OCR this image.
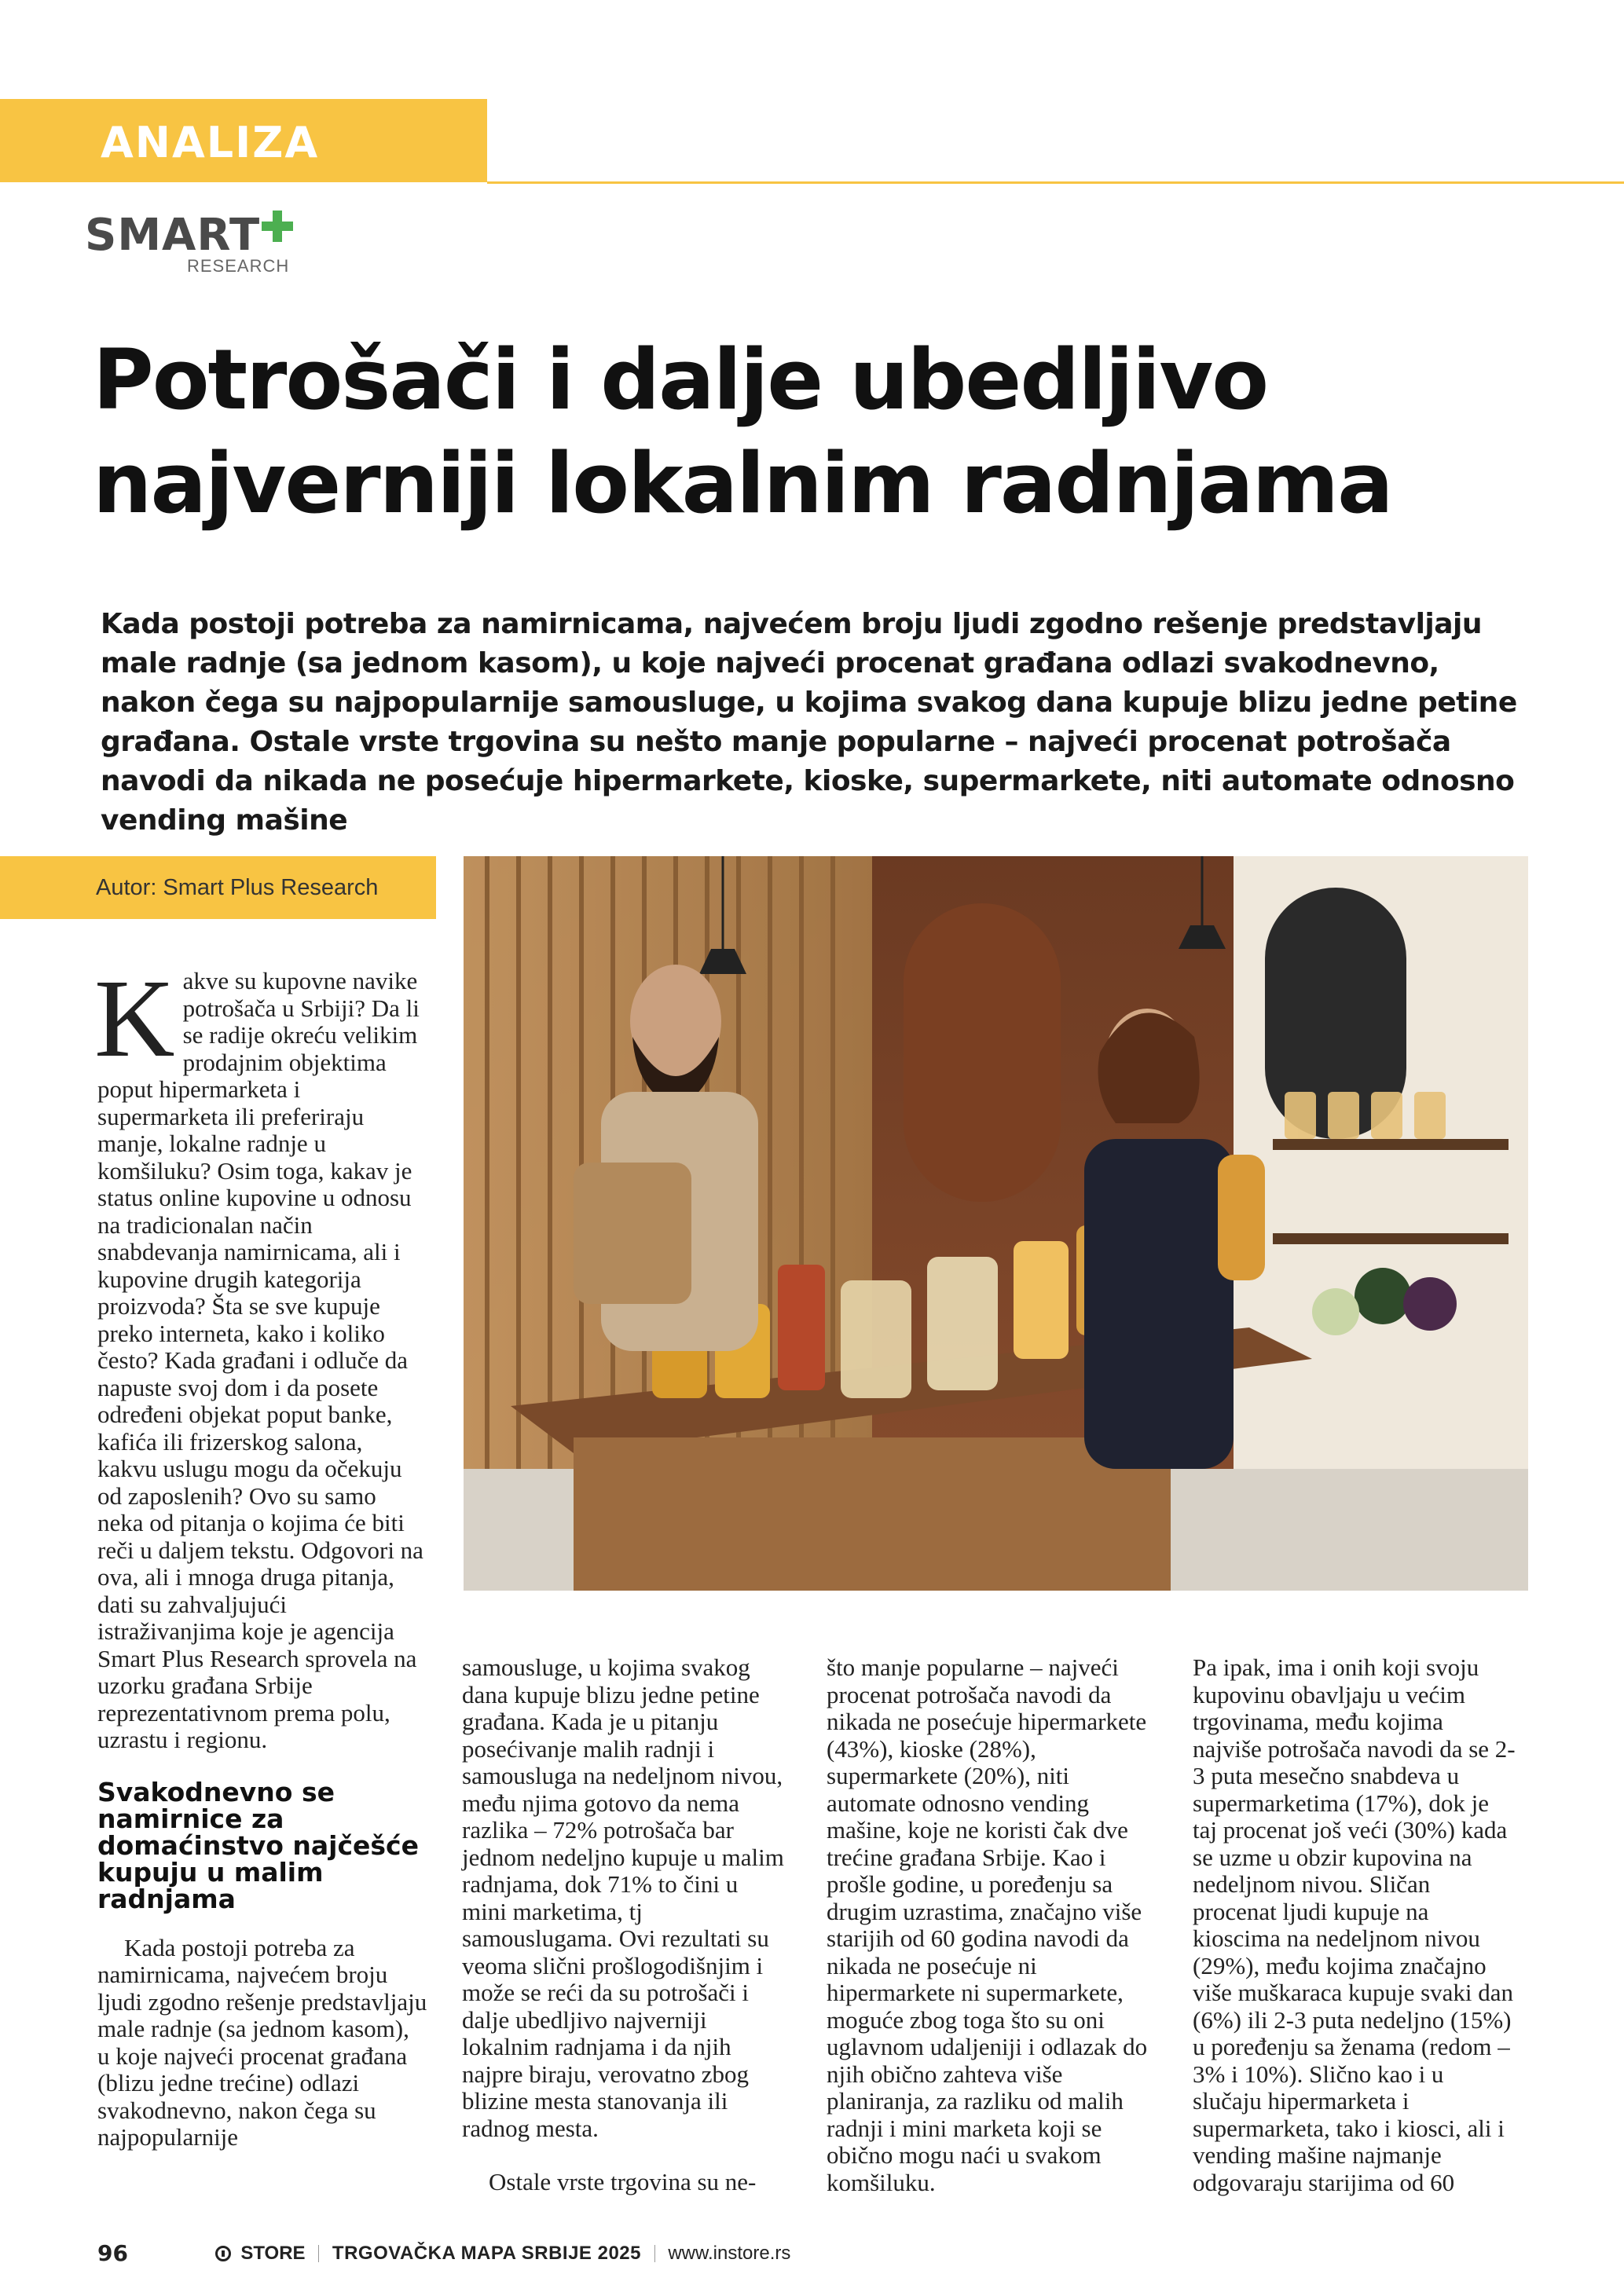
ANALIZA
SMART
RESEARCH
Potrošači i dalje ubedljivo
najverniji lokalnim radnjama

Kada postoji potreba za namirnicama, najvećem broju ljudi zgodno rešenje predstavljaju male radnje (sa jednom kasom), u koje najveći procenat građana odlazi svakodnevno, nakon čega su najpopularnije samousluge, u kojima svakog dana kupuje blizu jedne petine građana. Ostale vrste trgovina su nešto manje popularne – najveći procenat potrošača navodi da nikada ne posećuje hipermarkete, kioske, supermarkete, niti automate odnosno vending mašine

Autor: Smart Plus Research

Kakve su kupovne navike potrošača u Srbiji? Da li se radije okreću velikim prodajnim objektima poput hipermarketa i supermarketa ili preferiraju manje, lokalne radnje u komšiluku? Osim toga, kakav je status online kupovine u odnosu na tradicionalan način snabdevanja namirnicama, ali i kupovine drugih kategorija proizvoda? Šta se sve kupuje preko interneta, kako i koliko često? Kada građani i odluče da napuste svoj dom i da posete određeni objekat poput banke, kafića ili frizerskog salona, kakvu uslugu mogu da očekuju od zaposlenih? Ovo su samo neka od pitanja o kojima će biti reči u daljem tekstu. Odgovori na ova, ali i mnoga druga pitanja, dati su zahvaljujući istraživanjima koje je agencija Smart Plus Research sprovela na uzorku građana Srbije reprezentativnom prema polu, uzrastu i regionu.

Svakodnevno se namirnice za domaćinstvo najčešće kupuju u malim radnjama

Kada postoji potreba za namirnicama, najvećem broju ljudi zgodno rešenje predstavljaju male radnje (sa jednom kasom), u koje najveći procenat građana (blizu jedne trećine) odlazi svakodnevno, nakon čega su najpopularnije

samousluge, u kojima svakog dana kupuje blizu jedne petine građana. Kada je u pitanju posećivanje malih radnji i samousluga na nedeljnom nivou, među njima gotovo da nema razlika – 72% potrošača bar jednom nedeljno kupuje u malim radnjama, dok 71% to čini u mini marketima, tj samouslugama. Ovi rezultati su veoma slični prošlogodišnjim i može se reći da su potrošači i dalje ubedljivo najverniji lokalnim radnjama i da njih najpre biraju, verovatno zbog blizine mesta stanovanja ili radnog mesta.

Ostale vrste trgovina su ne-

što manje popularne – najveći procenat potrošača navodi da nikada ne posećuje hipermarkete (43%), kioske (28%), supermarkete (20%), niti automate odnosno vending mašine, koje ne koristi čak dve trećine građana Srbije. Kao i prošle godine, u poređenju sa drugim uzrastima, značajno više starijih od 60 godina navodi da nikada ne posećuje ni hipermarkete ni supermarkete, moguće zbog toga što su oni uglavnom udaljeniji i odlazak do njih obično zahteva više planiranja, za razliku od malih radnji i mini marketa koji se obično mogu naći u svakom komšiluku.

Pa ipak, ima i onih koji svoju kupovinu obavljaju u većim trgovinama, među kojima najviše potrošača navodi da se 2-3 puta mesečno snabdeva u supermarketima (17%), dok je taj procenat još veći (30%) kada se uzme u obzir kupovina na nedeljnom nivou. Sličan procenat ljudi kupuje na kioscima na nedeljnom nivou (29%), među kojima značajno više muškaraca kupuje svaki dan (6%) ili 2-3 puta nedeljno (15%) u poređenju sa ženama (redom – 3% i 10%). Slično kao i u slučaju hipermarketa i supermarketa, tako i kiosci, ali i vending mašine najmanje odgovaraju starijima od 60

96	STORE TRGOVAČKA MAPA SRBIJE 2025 www.instore.rs
